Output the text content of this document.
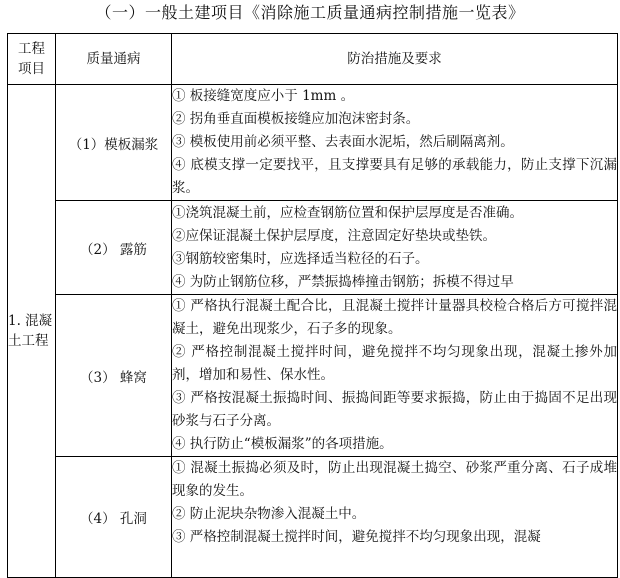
（一）一般土建项目《消除施工质量通病控制措施一览表》
工程项目	质量通病	防治措施及要求
1. 混凝土工程	（1）模板漏浆	① 板接缝宽度应小于 1mm 。
② 拐角垂直面模板接缝应加泡沫密封条。
③ 模板使用前必须平整、去表面水泥垢，然后刷隔离剂。
④ 底模支撑一定要找平，且支撑要具有足够的承载能力，防止支撑下沉漏浆。

	（2） 露筋	①浇筑混凝土前，应检查钢筋位置和保护层厚度是否准确。
②应保证混凝土保护层厚度，注意固定好垫块或垫铁。
③钢筋较密集时，应选择适当粒径的石子。
④ 为防止钢筋位移，严禁振捣棒撞击钢筋；拆模不得过早

	（3） 蜂窝	① 严格执行混凝土配合比，且混凝土搅拌计量器具校检合格后方可搅拌混凝土，避免出现浆少，石子多的现象。
② 严格控制混凝土搅拌时间，避免搅拌不均匀现象出现，混凝土掺外加剂，增加和易性、保水性。
③ 严格按混凝土振捣时间、振捣间距等要求振捣，防止由于捣固不足出现砂浆与石子分离。
④ 执行防止“模板漏浆”的各项措施。

	（4） 孔洞	① 混凝土振捣必须及时，防止出现混凝土捣空、砂浆严重分离、石子成堆现象的发生。
② 防止泥块杂物渗入混凝土中。
③ 严格控制混凝土搅拌时间，避免搅拌不均匀现象出现，混凝
